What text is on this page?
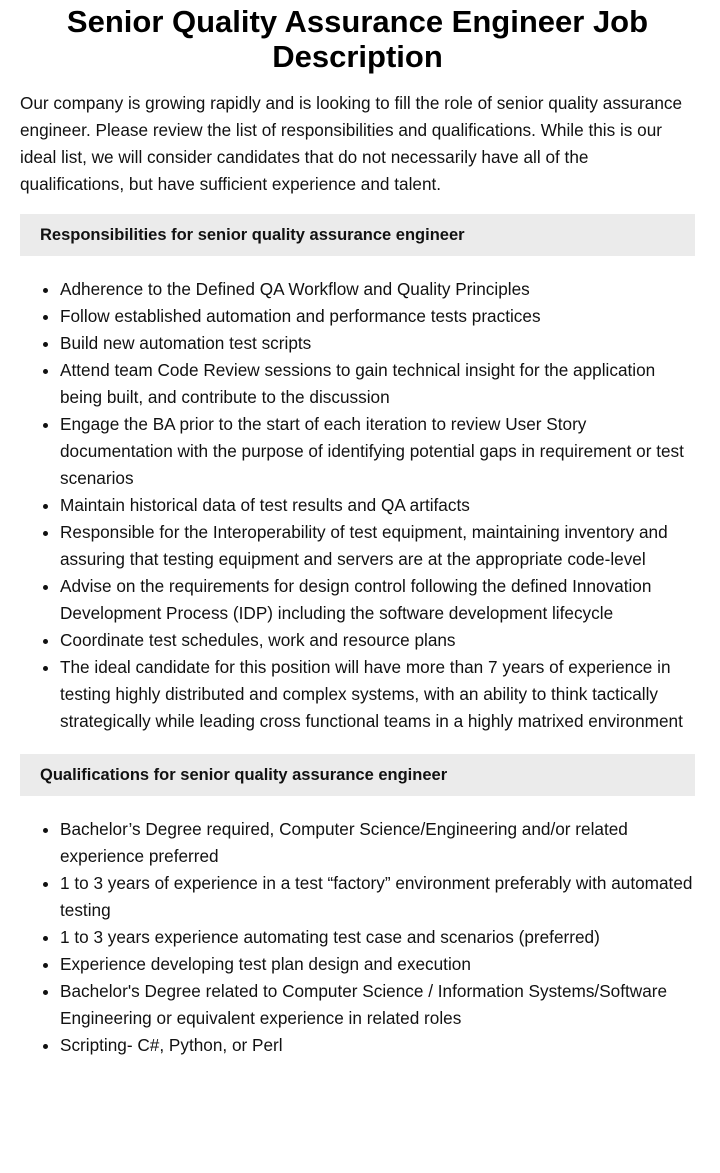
Senior Quality Assurance Engineer Job Description

Our company is growing rapidly and is looking to fill the role of senior quality assurance engineer. Please review the list of responsibilities and qualifications. While this is our ideal list, we will consider candidates that do not necessarily have all of the qualifications, but have sufficient experience and talent.

Responsibilities for senior quality assurance engineer
• Adherence to the Defined QA Workflow and Quality Principles
• Follow established automation and performance tests practices
• Build new automation test scripts
• Attend team Code Review sessions to gain technical insight for the application being built, and contribute to the discussion
• Engage the BA prior to the start of each iteration to review User Story documentation with the purpose of identifying potential gaps in requirement or test scenarios
• Maintain historical data of test results and QA artifacts
• Responsible for the Interoperability of test equipment, maintaining inventory and assuring that testing equipment and servers are at the appropriate code-level
• Advise on the requirements for design control following the defined Innovation Development Process (IDP) including the software development lifecycle
• Coordinate test schedules, work and resource plans
• The ideal candidate for this position will have more than 7 years of experience in testing highly distributed and complex systems, with an ability to think tactically strategically while leading cross functional teams in a highly matrixed environment
Qualifications for senior quality assurance engineer
• Bachelor’s Degree required, Computer Science/Engineering and/or related experience preferred
• 1 to 3 years of experience in a test “factory” environment preferably with automated testing
• 1 to 3 years experience automating test case and scenarios (preferred)
• Experience developing test plan design and execution
• Bachelor's Degree related to Computer Science / Information Systems/Software Engineering or equivalent experience in related roles
• Scripting- C#, Python, or Perl
